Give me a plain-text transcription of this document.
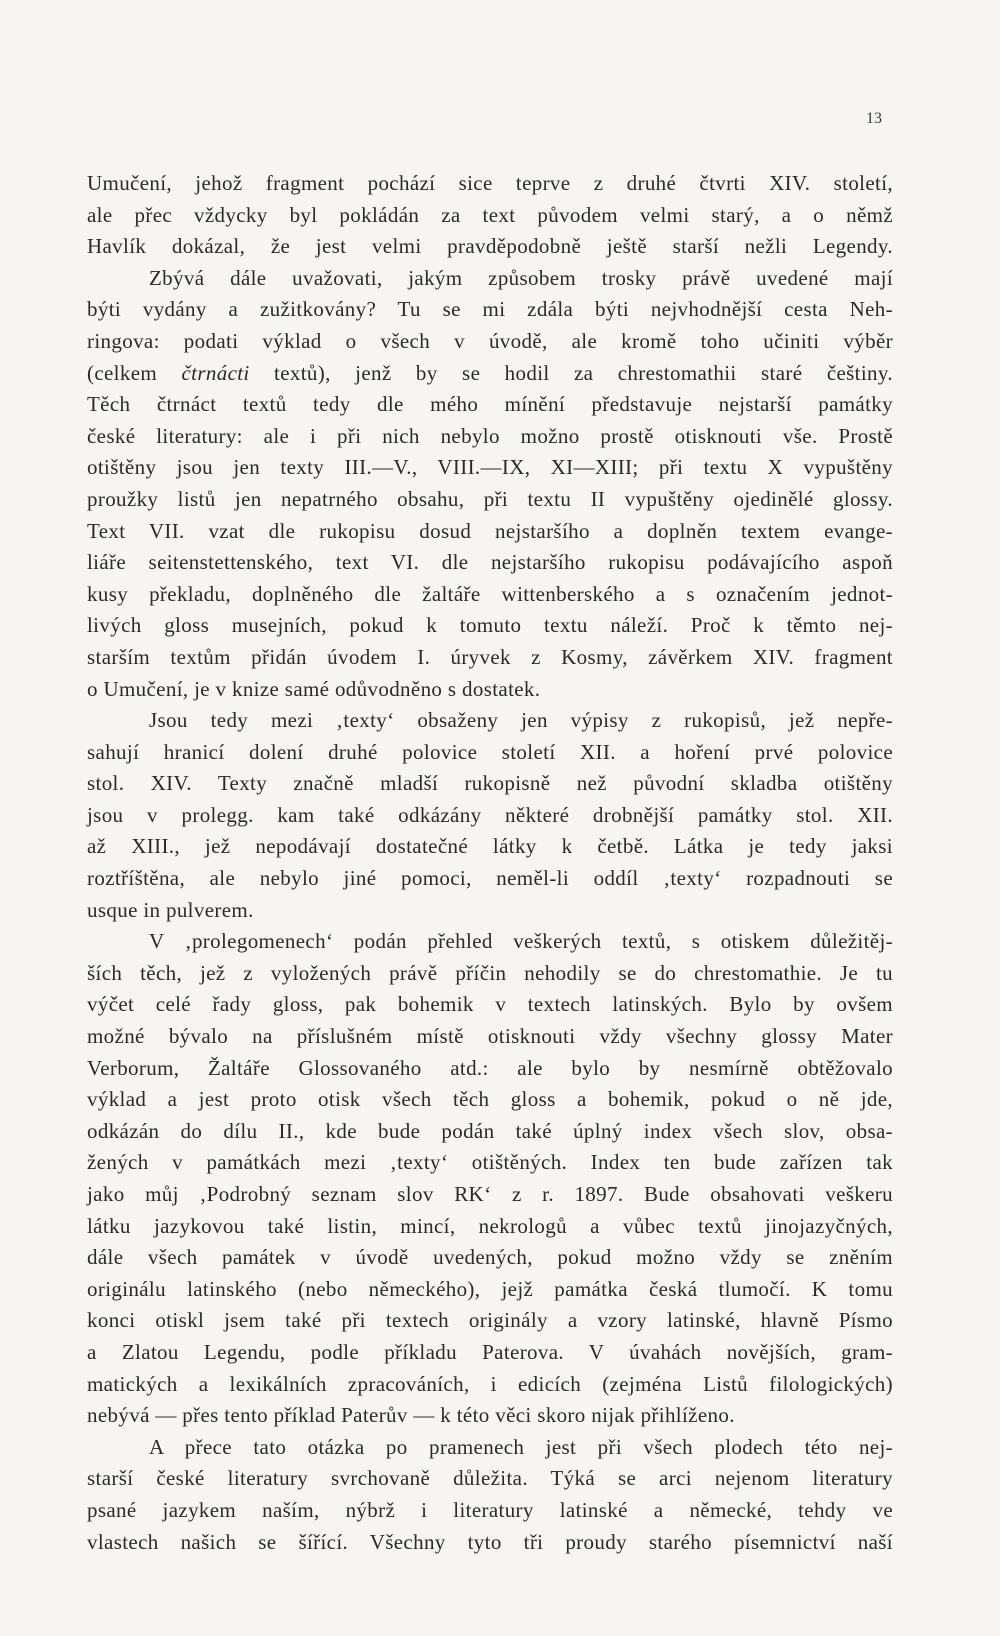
13
Umučení, jehož fragment pochází sice teprve z druhé čtvrti XIV. století,
ale přec vždycky byl pokládán za text původem velmi starý, a o němž
Havlík dokázal, že jest velmi pravděpodobně ještě starší nežli Legendy.
Zbývá dále uvažovati, jakým způsobem trosky právě uvedené mají
býti vydány a zužitkovány? Tu se mi zdála býti nejvhodnější cesta Neh-
ringova: podati výklad o všech v úvodě, ale kromě toho učiniti výběr
(celkem čtrnácti textů), jenž by se hodil za chrestomathii staré češtiny.
Těch čtrnáct textů tedy dle mého mínění představuje nejstarší památky
české literatury: ale i při nich nebylo možno prostě otisknouti vše. Prostě
otištěny jsou jen texty III.—V., VIII.—IX, XI—XIII; při textu X vypuštěny
proužky listů jen nepatrného obsahu, při textu II vypuštěny ojedinělé glossy.
Text VII. vzat dle rukopisu dosud nejstaršího a doplněn textem evange-
liáře seitenstettenského, text VI. dle nejstaršího rukopisu podávajícího aspoň
kusy překladu, doplněného dle žaltáře wittenberského a s označením jednot-
livých gloss musejních, pokud k tomuto textu náleží. Proč k těmto nej-
starším textům přidán úvodem I. úryvek z Kosmy, závěrkem XIV. fragment
o Umučení, je v knize samé odůvodněno s dostatek.
Jsou tedy mezi ‚texty‘ obsaženy jen výpisy z rukopisů, jež nepře-
sahují hranicí dolení druhé polovice století XII. a hoření prvé polovice
stol. XIV. Texty značně mladší rukopisně než původní skladba otištěny
jsou v prolegg. kam také odkázány některé drobnější památky stol. XII.
až XIII., jež nepodávají dostatečné látky k četbě. Látka je tedy jaksi
roztříštěna, ale nebylo jiné pomoci, neměl-li oddíl ‚texty‘ rozpadnouti se
usque in pulverem.
V ‚prolegomenech‘ podán přehled veškerých textů, s otiskem důležitěj-
ších těch, jež z vyložených právě příčin nehodily se do chrestomathie. Je tu
výčet celé řady gloss, pak bohemik v textech latinských. Bylo by ovšem
možné bývalo na příslušném místě otisknouti vždy všechny glossy Mater
Verborum, Žaltáře Glossovaného atd.: ale bylo by nesmírně obtěžovalo
výklad a jest proto otisk všech těch gloss a bohemik, pokud o ně jde,
odkázán do dílu II., kde bude podán také úplný index všech slov, obsa-
žených v památkách mezi ‚texty‘ otištěných. Index ten bude zařízen tak
jako můj ‚Podrobný seznam slov RK‘ z r. 1897. Bude obsahovati veškeru
látku jazykovou také listin, mincí, nekrologů a vůbec textů jinojazyčných,
dále všech památek v úvodě uvedených, pokud možno vždy se zněním
originálu latinského (nebo německého), jejž památka česká tlumočí. K tomu
konci otiskl jsem také při textech originály a vzory latinské, hlavně Písmo
a Zlatou Legendu, podle příkladu Paterova. V úvahách novějších, gram-
matických a lexikálních zpracováních, i edicích (zejména Listů filologických)
nebývá — přes tento příklad Paterův — k této věci skoro nijak přihlíženo.
A přece tato otázka po pramenech jest při všech plodech této nej-
starší české literatury svrchovaně důležita. Týká se arci nejenom literatury
psané jazykem naším, nýbrž i literatury latinské a německé, tehdy ve
vlastech našich se šířící. Všechny tyto tři proudy starého písemnictví naší
